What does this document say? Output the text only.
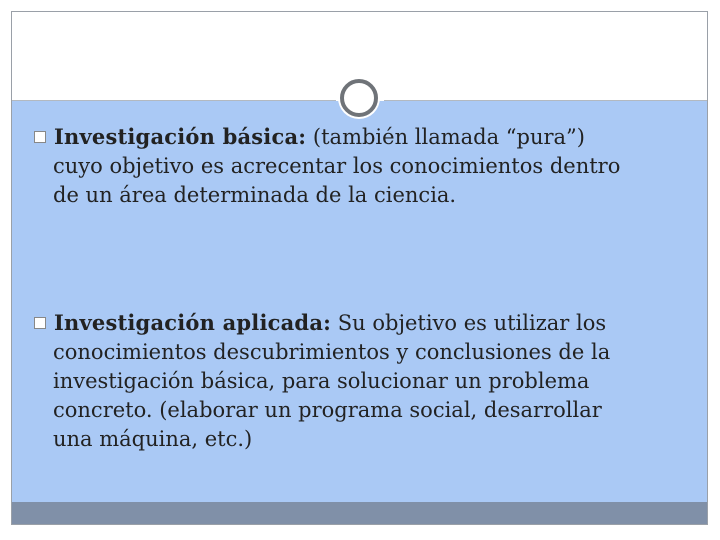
Investigación básica: (también llamada “pura”)
cuyo objetivo es acrecentar los conocimientos dentro
de un área determinada de la ciencia.
Investigación aplicada: Su objetivo es utilizar los
conocimientos descubrimientos y conclusiones de la
investigación básica, para solucionar un problema
concreto. (elaborar un programa social, desarrollar
una máquina, etc.)
